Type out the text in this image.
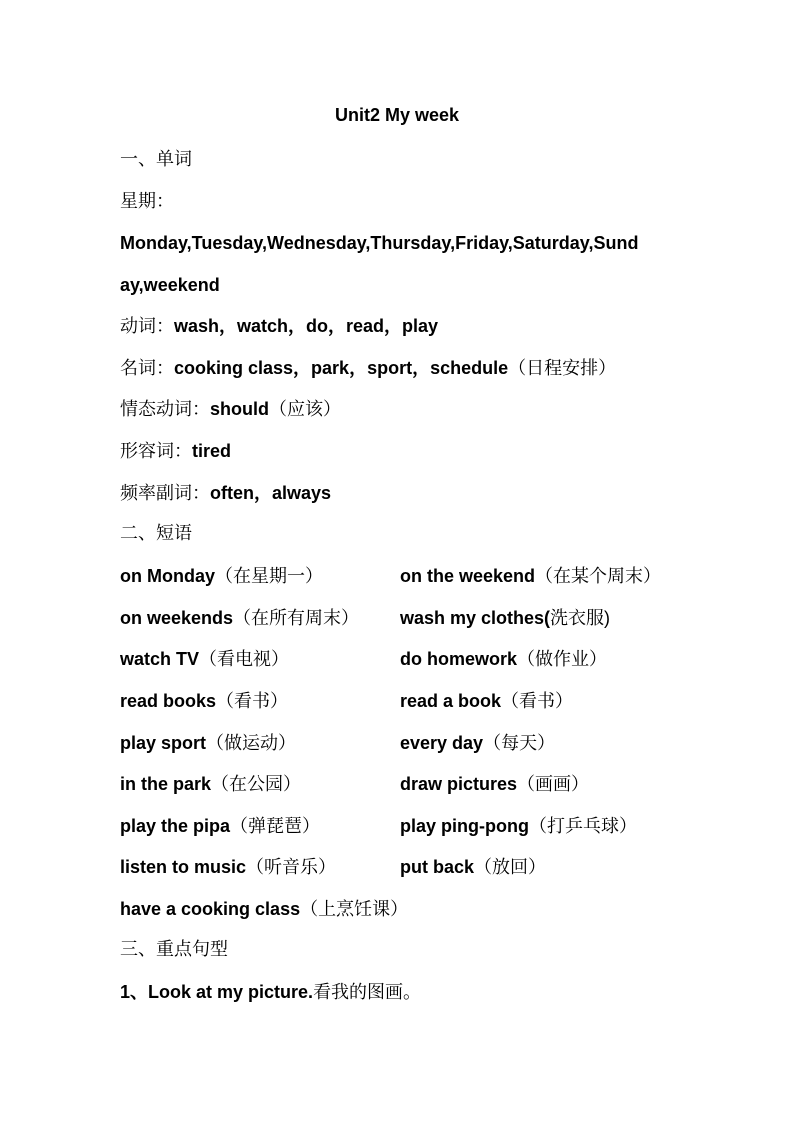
Unit2 My week
一、单词
星期：
Monday,Tuesday,Wednesday,Thursday,Friday,Saturday,Sund
ay,weekend
动词：wash，watch，do，read，play
名词：cooking class，park，sport，schedule（日程安排）
情态动词：should（应该）
形容词：tired
频率副词：often，always
二、短语
on Monday（在星期一）	on the weekend（在某个周末）
on weekends（在所有周末） wash my clothes(洗衣服)
watch TV（看电视）	do homework（做作业）
read books（看书）	read a book（看书）
play sport（做运动）	every day（每天）
in the park（在公园）	draw pictures（画画）
play the pipa（弹琵琶）	play ping-pong（打乒乓球）
listen to music（听音乐）	put back（放回）
have a cooking class（上烹饪课）
三、重点句型
1、Look at my picture.看我的图画。
